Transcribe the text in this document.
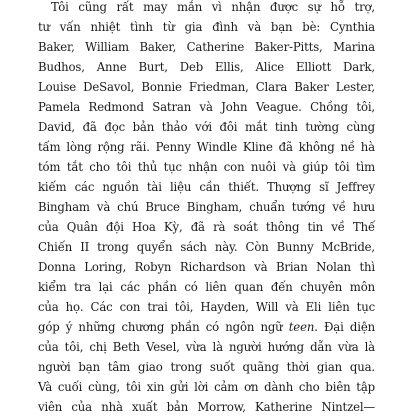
Tôi cũng rất may mắn vì nhận được sự hỗ trợ,
tư vấn nhiệt tình từ gia đình và bạn bè: Cynthia
Baker, William Baker, Catherine Baker-Pitts, Marina
Budhos, Anne Burt, Deb Ellis, Alice Elliott Dark,
Louise DeSavol, Bonnie Friedman, Clara Baker Lester,
Pamela Redmond Satran và John Veague. Chồng tôi,
David, đã đọc bản thảo với đôi mắt tinh tường cùng
tấm lòng rộng rãi. Penny Windle Kline đã không nề hà
tóm tắt cho tôi thủ tục nhận con nuôi và giúp tôi tìm
kiếm các nguồn tài liệu cần thiết. Thượng sĩ Jeffrey
Bingham và chú Bruce Bingham, chuẩn tướng về hưu
của Quân đội Hoa Kỳ, đã rà soát thông tin về Thế
Chiến II trong quyển sách này. Còn Bunny McBride,
Donna Loring, Robyn Richardson và Brian Nolan thì
kiểm tra lại các phần có liên quan đến chuyên môn
của họ. Các con trai tôi, Hayden, Will và Eli liên tục
góp ý những chương phần có ngôn ngữ teen. Đại diện
của tôi, chị Beth Vesel, vừa là người hướng dẫn vừa là
người bạn tâm giao trong suốt quãng thời gian qua.
Và cuối cùng, tôi xin gửi lời cảm ơn dành cho biên tập
viên của nhà xuất bản Morrow, Katherine Nintzel—
